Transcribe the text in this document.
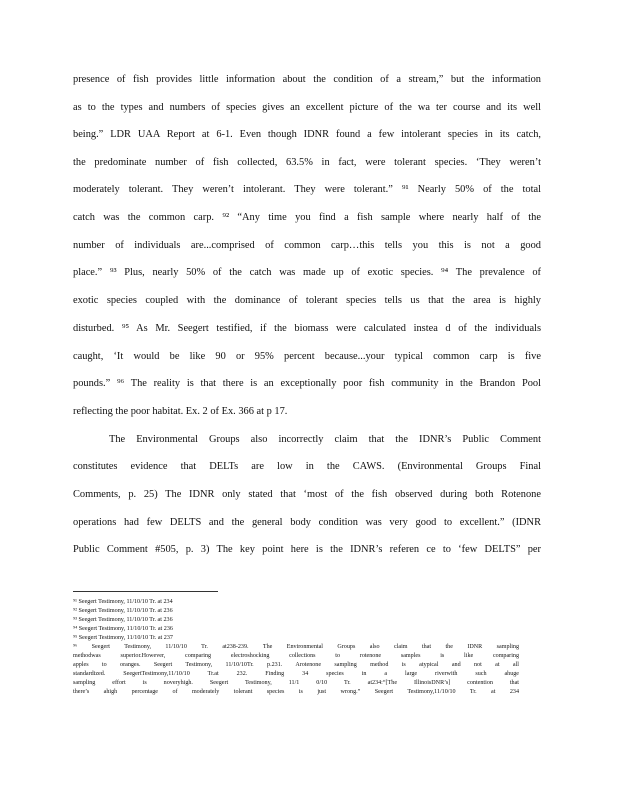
presence of fish provides little information about the condition of a stream,” but the information
as to the types and numbers of species gives an excellent picture of the wa ter course and its well
being.” LDR UAA Report at 6-1. Even though IDNR found a few intolerant species in its catch,
the predominate number of fish collected, 63.5% in fact, were tolerant species. ‘They weren’t
moderately tolerant. They weren’t intolerant. They were tolerant.” ⁹¹ Nearly 50% of the total
catch was the common carp. ⁹² “Any time you find a fish sample where nearly half of the
number of individuals are...comprised of common carp…this tells you this is not a good
place.” ⁹³ Plus, nearly 50% of the catch was made up of exotic species. ⁹⁴ The prevalence of
exotic species coupled with the dominance of tolerant species tells us that the area is highly
disturbed. ⁹⁵ As Mr. Seegert testified, if the biomass were calculated instea d of the individuals
caught, ‘It would be like 90 or 95% percent because...your typical common carp is five
pounds.” ⁹⁶ The reality is that there is an exceptionally poor fish community in the Brandon Pool
reflecting the poor habitat. Ex. 2 of Ex. 366 at p 17.
The Environmental Groups also incorrectly claim that the IDNR’s Public Comment
constitutes evidence that DELTs are low in the CAWS. (Environmental Groups Final
Comments, p. 25) The IDNR only stated that ‘most of the fish observed during both Rotenone
operations had few DELTS and the general body condition was very good to excellent.” (IDNR
Public Comment #505, p. 3) The key point here is the IDNR’s referen ce to ‘few DELTS” per
⁹¹ Seegert Testimony, 11/10/10 Tr. at 234
⁹² Seegert Testimony, 11/10/10 Tr. at 236
⁹³ Seegert Testimony, 11/10/10 Tr. at 236
⁹⁴ Seegert Testimony, 11/10/10 Tr. at 236
⁹⁵ Seegert Testimony, 11/10/10 Tr. at 237
⁹⁶ Seegert Testimony, 11/10/10 Tr. at238-239. The Environmental Groups also claim that the IDNR sampling
methodwas superior.However, comparing electroshocking collections to rotenone samples is like comparing
apples to oranges. Seegert Testimony, 11/10/10Tr. p.231. Arotenone sampling method is atypical and not at all
standardized. SeegertTestimony,11/10/10 Tr.at 232. Finding 34 species in a large riverwith such ahuge
sampling effort is noveryhigh. Seegert Testimony, 11/1 0/10 Tr. at234:“[The IllinoisDNR’s] contention that
there’s ahigh percentage of moderately tolerant species is just wrong.” Seegert Testimony,11/10/10 Tr. at 234
